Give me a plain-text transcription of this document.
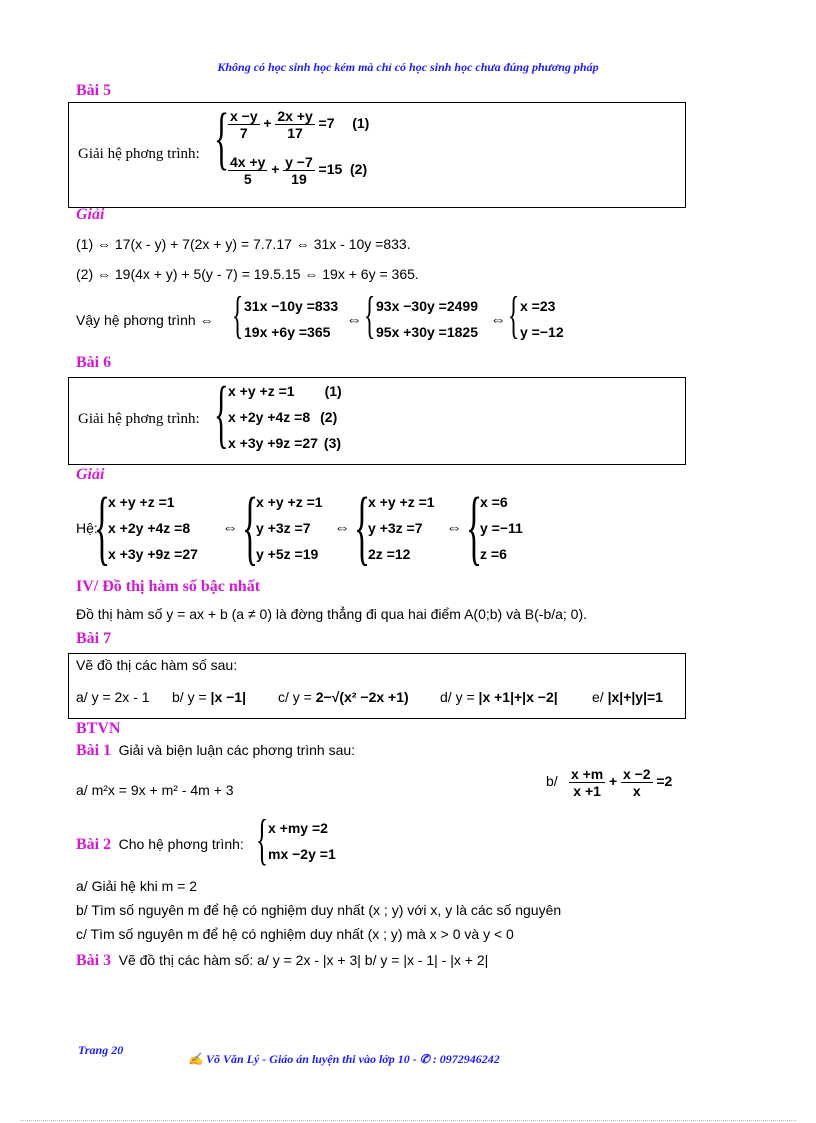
Không có học sinh học kém mà chỉ có học sinh học chưa đúng phương pháp
Bài 5
Giải hệ phơng trình: {
$\frac{x -y}{7} + \frac{2x +y}{17} =7$ (1)
$\frac{4x +y}{5} + \frac{y -7}{19} =15$ (2)
Giải
(1) ⇔ 17(x - y) + 7(2x + y) = 7.7.17 ⇔ 31x - 10y =833.
(2) ⇔ 19(4x + y) + 5(y - 7) = 19.5.15 ⇔ 19x + 6y = 365.
Vậy hệ phơng trình ⇔ { 31x −10y =833
19x +6y =365
⇔ { 93x −30y =2499
95x +30y =1825
⇔ { x =23
y =−12
Bài 6
Giải hệ phơng trình: { x +y +z =1 (1)
x +2y +4z =8 (2)
x +3y +9z =27 (3)
Giải
Hệ:
{
x +y +z =1
x +2y +4z =8
x +3y +9z =27
⇔ {
x +y +z =1
y +3z =7
y +5z =19
⇔ {
x +y +z =1
y +3z =7
2z =12
⇔ {
x =6
y =−11
z =6
IV/ Đồ thị hàm số bậc nhất
Đồ thị hàm số y = ax + b (a ≠ 0) là đờng thẳng đi qua hai điểm A(0;b) và B(-b/a; 0).
Bài 7
Vẽ đồ thị các hàm số sau:
a/ y = 2x - 1 b/ y = |x −1| c/ y = 2−√(x² −2x +1) d/ y = |x +1|+|x −2| e/ |x|+|y|=1
BTVN
Bài 1 Giải và biện luận các phơng trình sau:
a/ m²x = 9x + m² - 4m + 3
$b/ \frac{x +m}{x +1} + \frac{x -2}{x} =2$
Bài 2 Cho hệ phơng trình: { x +my =2
mx −2y =1
a/ Giải hệ khi m = 2
b/ Tìm số nguyên m để hệ có nghiệm duy nhất (x ; y) với x, y là các số nguyên
c/ Tìm số nguyên m để hệ có nghiệm duy nhất (x ; y) mà x > 0 và y < 0
Bài 3 Vẽ đồ thị các hàm số: a/ y = 2x - |x + 3| b/ y = |x - 1| - |x + 2|
Trang 20
✍ Võ Văn Lý - Giáo án luyện thi vào lớp 10 - ✆ : 0972946242
